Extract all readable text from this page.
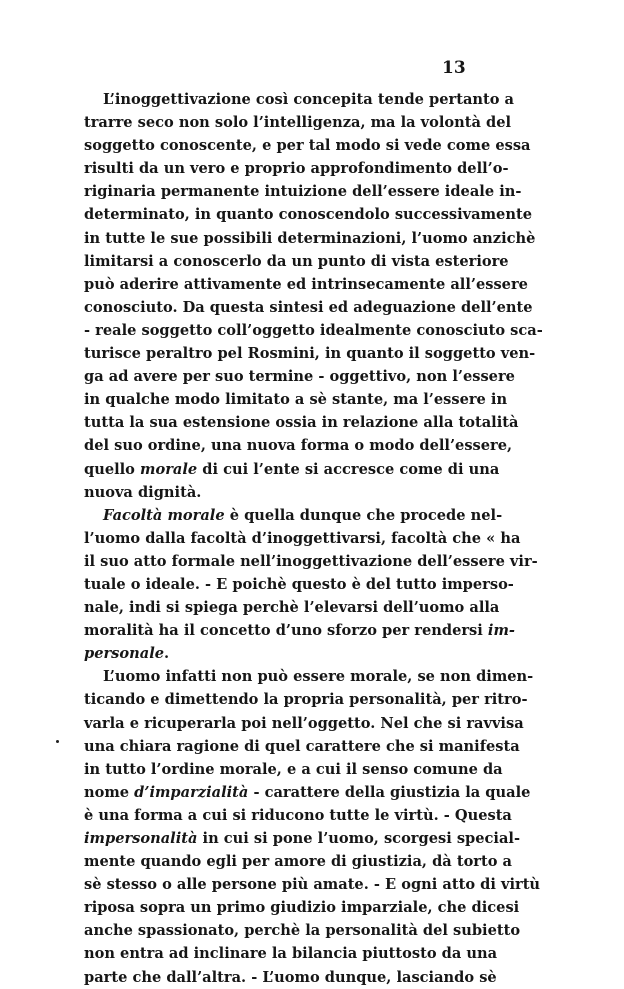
13
L’inoggettivazione così concepita tende pertanto a
trarre seco non solo l’intelligenza, ma la volontà del
soggetto conoscente, e per tal modo si vede come essa
risulti da un vero e proprio approfondimento dell’o-
riginaria permanente intuizione dell’essere ideale in-
determinato, in quanto conoscendolo successivamente
in tutte le sue possibili determinazioni, l’uomo anzichè
limitarsi a conoscerlo da un punto di vista esteriore
può aderire attivamente ed intrinsecamente all’essere
conosciuto. Da questa sintesi ed adeguazione dell’ente
- reale soggetto coll’oggetto idealmente conosciuto sca-
turisce peraltro pel Rosmini, in quanto il soggetto ven-
ga ad avere per suo termine - oggettivo, non l’essere
in qualche modo limitato a sè stante, ma l’essere in
tutta la sua estensione ossia in relazione alla totalità
del suo ordine, una nuova forma o modo dell’essere,
quello morale di cui l’ente si accresce come di una
nuova dignità.
Facoltà morale è quella dunque che procede nel-
l’uomo dalla facoltà d’inoggettivarsi, facoltà che « ha
il suo atto formale nell’inoggettivazione dell’essere vir-
tuale o ideale. - E poichè questo è del tutto imperso-
nale, indi si spiega perchè l’elevarsi dell’uomo alla
moralità ha il concetto d’uno sforzo per rendersi im-
personale.
L’uomo infatti non può essere morale, se non dimen-
ticando e dimettendo la propria personalità, per ritro-
varla e ricuperarla poi nell’oggetto. Nel che si ravvisa
una chiara ragione di quel carattere che si manifesta
in tutto l’ordine morale, e a cui il senso comune da
nome d’imparzialità - carattere della giustizia la quale
è una forma a cui si riducono tutte le virtù. - Questa
impersonalità in cui si pone l’uomo, scorgesi special-
mente quando egli per amore di giustizia, dà torto a
sè stesso o alle persone più amate. - E ogni atto di virtù
riposa sopra un primo giudizio imparziale, che dicesi
anche spassionato, perchè la personalità del subietto
non entra ad inclinare la bilancia piuttosto da una
parte che dall’altra. - L’uomo dunque, lasciando sè
